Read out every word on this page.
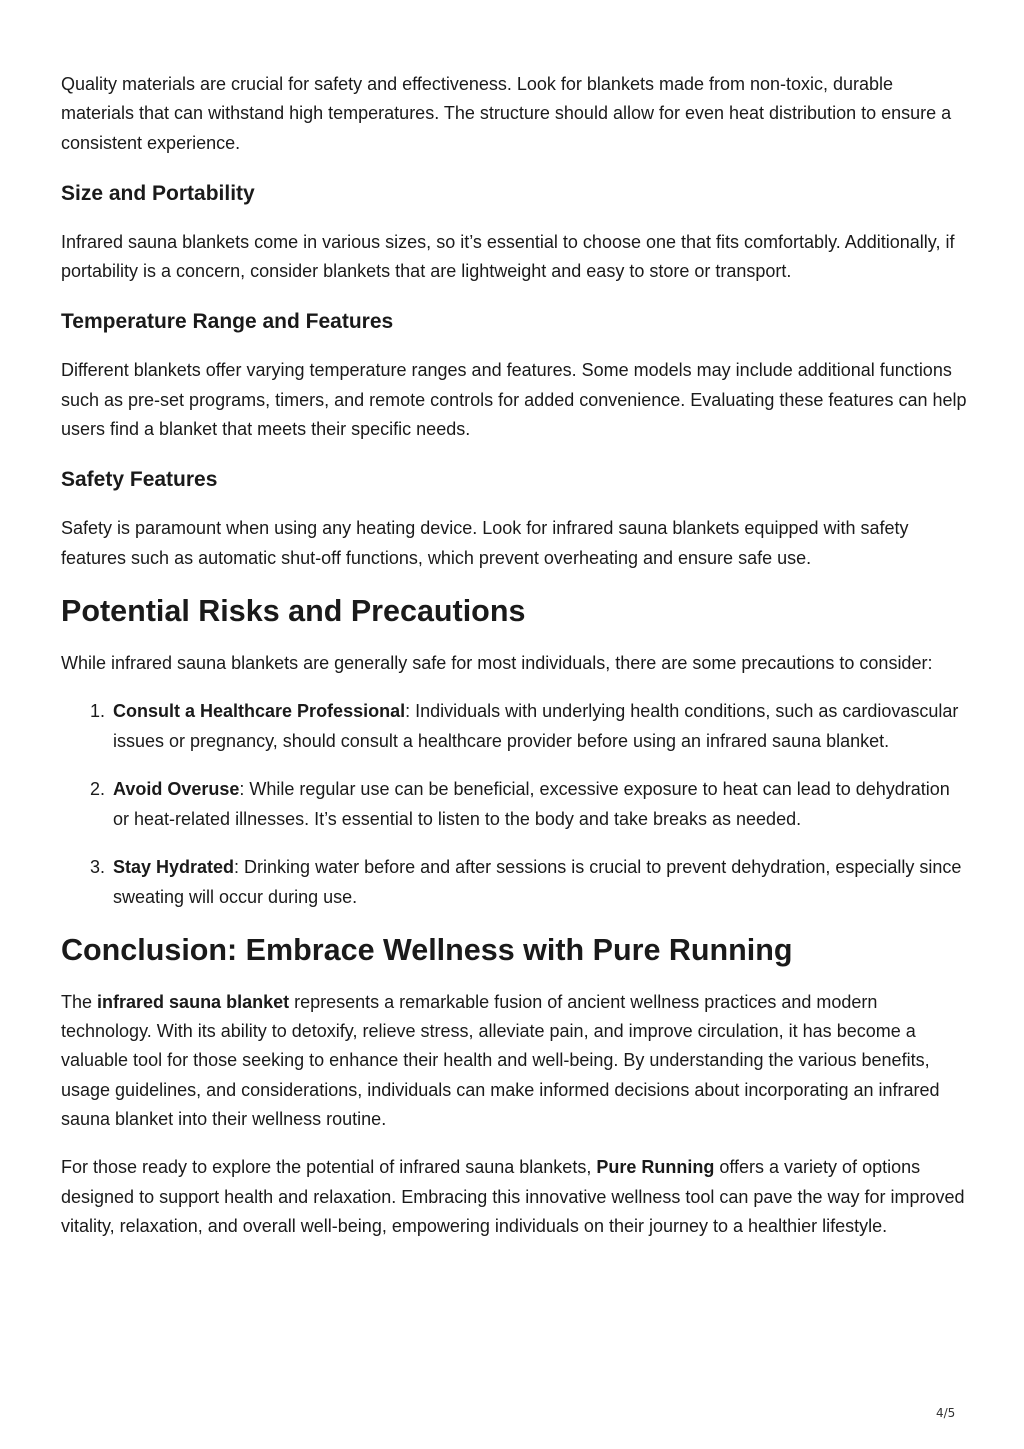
Quality materials are crucial for safety and effectiveness. Look for blankets made from non-toxic, durable materials that can withstand high temperatures. The structure should allow for even heat distribution to ensure a consistent experience.

Size and Portability

Infrared sauna blankets come in various sizes, so it’s essential to choose one that fits comfortably. Additionally, if portability is a concern, consider blankets that are lightweight and easy to store or transport.

Temperature Range and Features

Different blankets offer varying temperature ranges and features. Some models may include additional functions such as pre-set programs, timers, and remote controls for added convenience. Evaluating these features can help users find a blanket that meets their specific needs.

Safety Features

Safety is paramount when using any heating device. Look for infrared sauna blankets equipped with safety features such as automatic shut-off functions, which prevent overheating and ensure safe use.

Potential Risks and Precautions

While infrared sauna blankets are generally safe for most individuals, there are some precautions to consider:

1. Consult a Healthcare Professional: Individuals with underlying health conditions, such as cardiovascular issues or pregnancy, should consult a healthcare provider before using an infrared sauna blanket.
2. Avoid Overuse: While regular use can be beneficial, excessive exposure to heat can lead to dehydration or heat-related illnesses. It’s essential to listen to the body and take breaks as needed.
3. Stay Hydrated: Drinking water before and after sessions is crucial to prevent dehydration, especially since sweating will occur during use.
Conclusion: Embrace Wellness with Pure Running

The infrared sauna blanket represents a remarkable fusion of ancient wellness practices and modern technology. With its ability to detoxify, relieve stress, alleviate pain, and improve circulation, it has become a valuable tool for those seeking to enhance their health and well-being. By understanding the various benefits, usage guidelines, and considerations, individuals can make informed decisions about incorporating an infrared sauna blanket into their wellness routine.

For those ready to explore the potential of infrared sauna blankets, Pure Running offers a variety of options designed to support health and relaxation. Embracing this innovative wellness tool can pave the way for improved vitality, relaxation, and overall well-being, empowering individuals on their journey to a healthier lifestyle.

4/5
